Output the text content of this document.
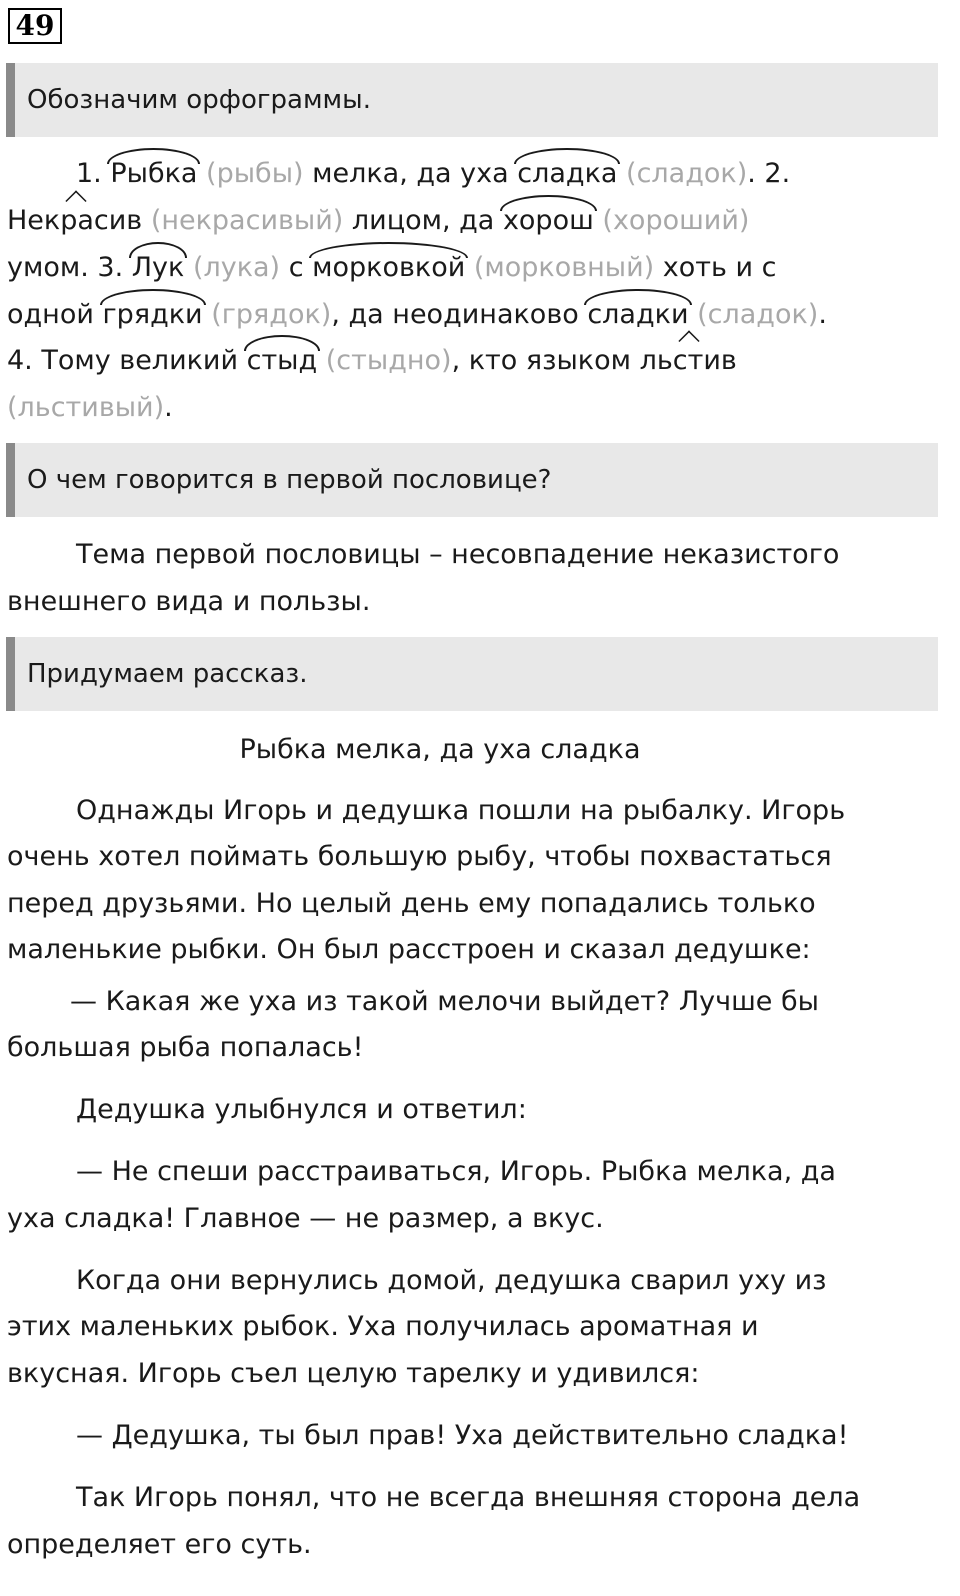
49
Обозначим орфограммы.
1. Рыбка (рыбы) мелка, да уха сладка (сладок). 2.
Некрасив (некрасивый) лицом, да хорош (хороший)
умом. 3. Лук (лука) с морковкой (морковный) хоть и с
одной грядки (грядок), да неодинаково сладки (сладок).
4. Тому великий стыд (стыдно), кто языком льстив
(льстивый).
О чем говорится в первой пословице?
Тема первой пословицы – несовпадение неказистого
внешнего вида и пользы.
Придумаем рассказ.
Рыбка мелка, да уха сладка
Однажды Игорь и дедушка пошли на рыбалку. Игорь
очень хотел поймать большую рыбу, чтобы похвастаться
перед друзьями. Но целый день ему попадались только
маленькие рыбки. Он был расстроен и сказал дедушке:
— Какая же уха из такой мелочи выйдет? Лучше бы
большая рыба попалась!
Дедушка улыбнулся и ответил:
— Не спеши расстраиваться, Игорь. Рыбка мелка, да
уха сладка! Главное — не размер, а вкус.
Когда они вернулись домой, дедушка сварил уху из
этих маленьких рыбок. Уха получилась ароматная и
вкусная. Игорь съел целую тарелку и удивился:
— Дедушка, ты был прав! Уха действительно сладка!
Так Игорь понял, что не всегда внешняя сторона дела
определяет его суть.
